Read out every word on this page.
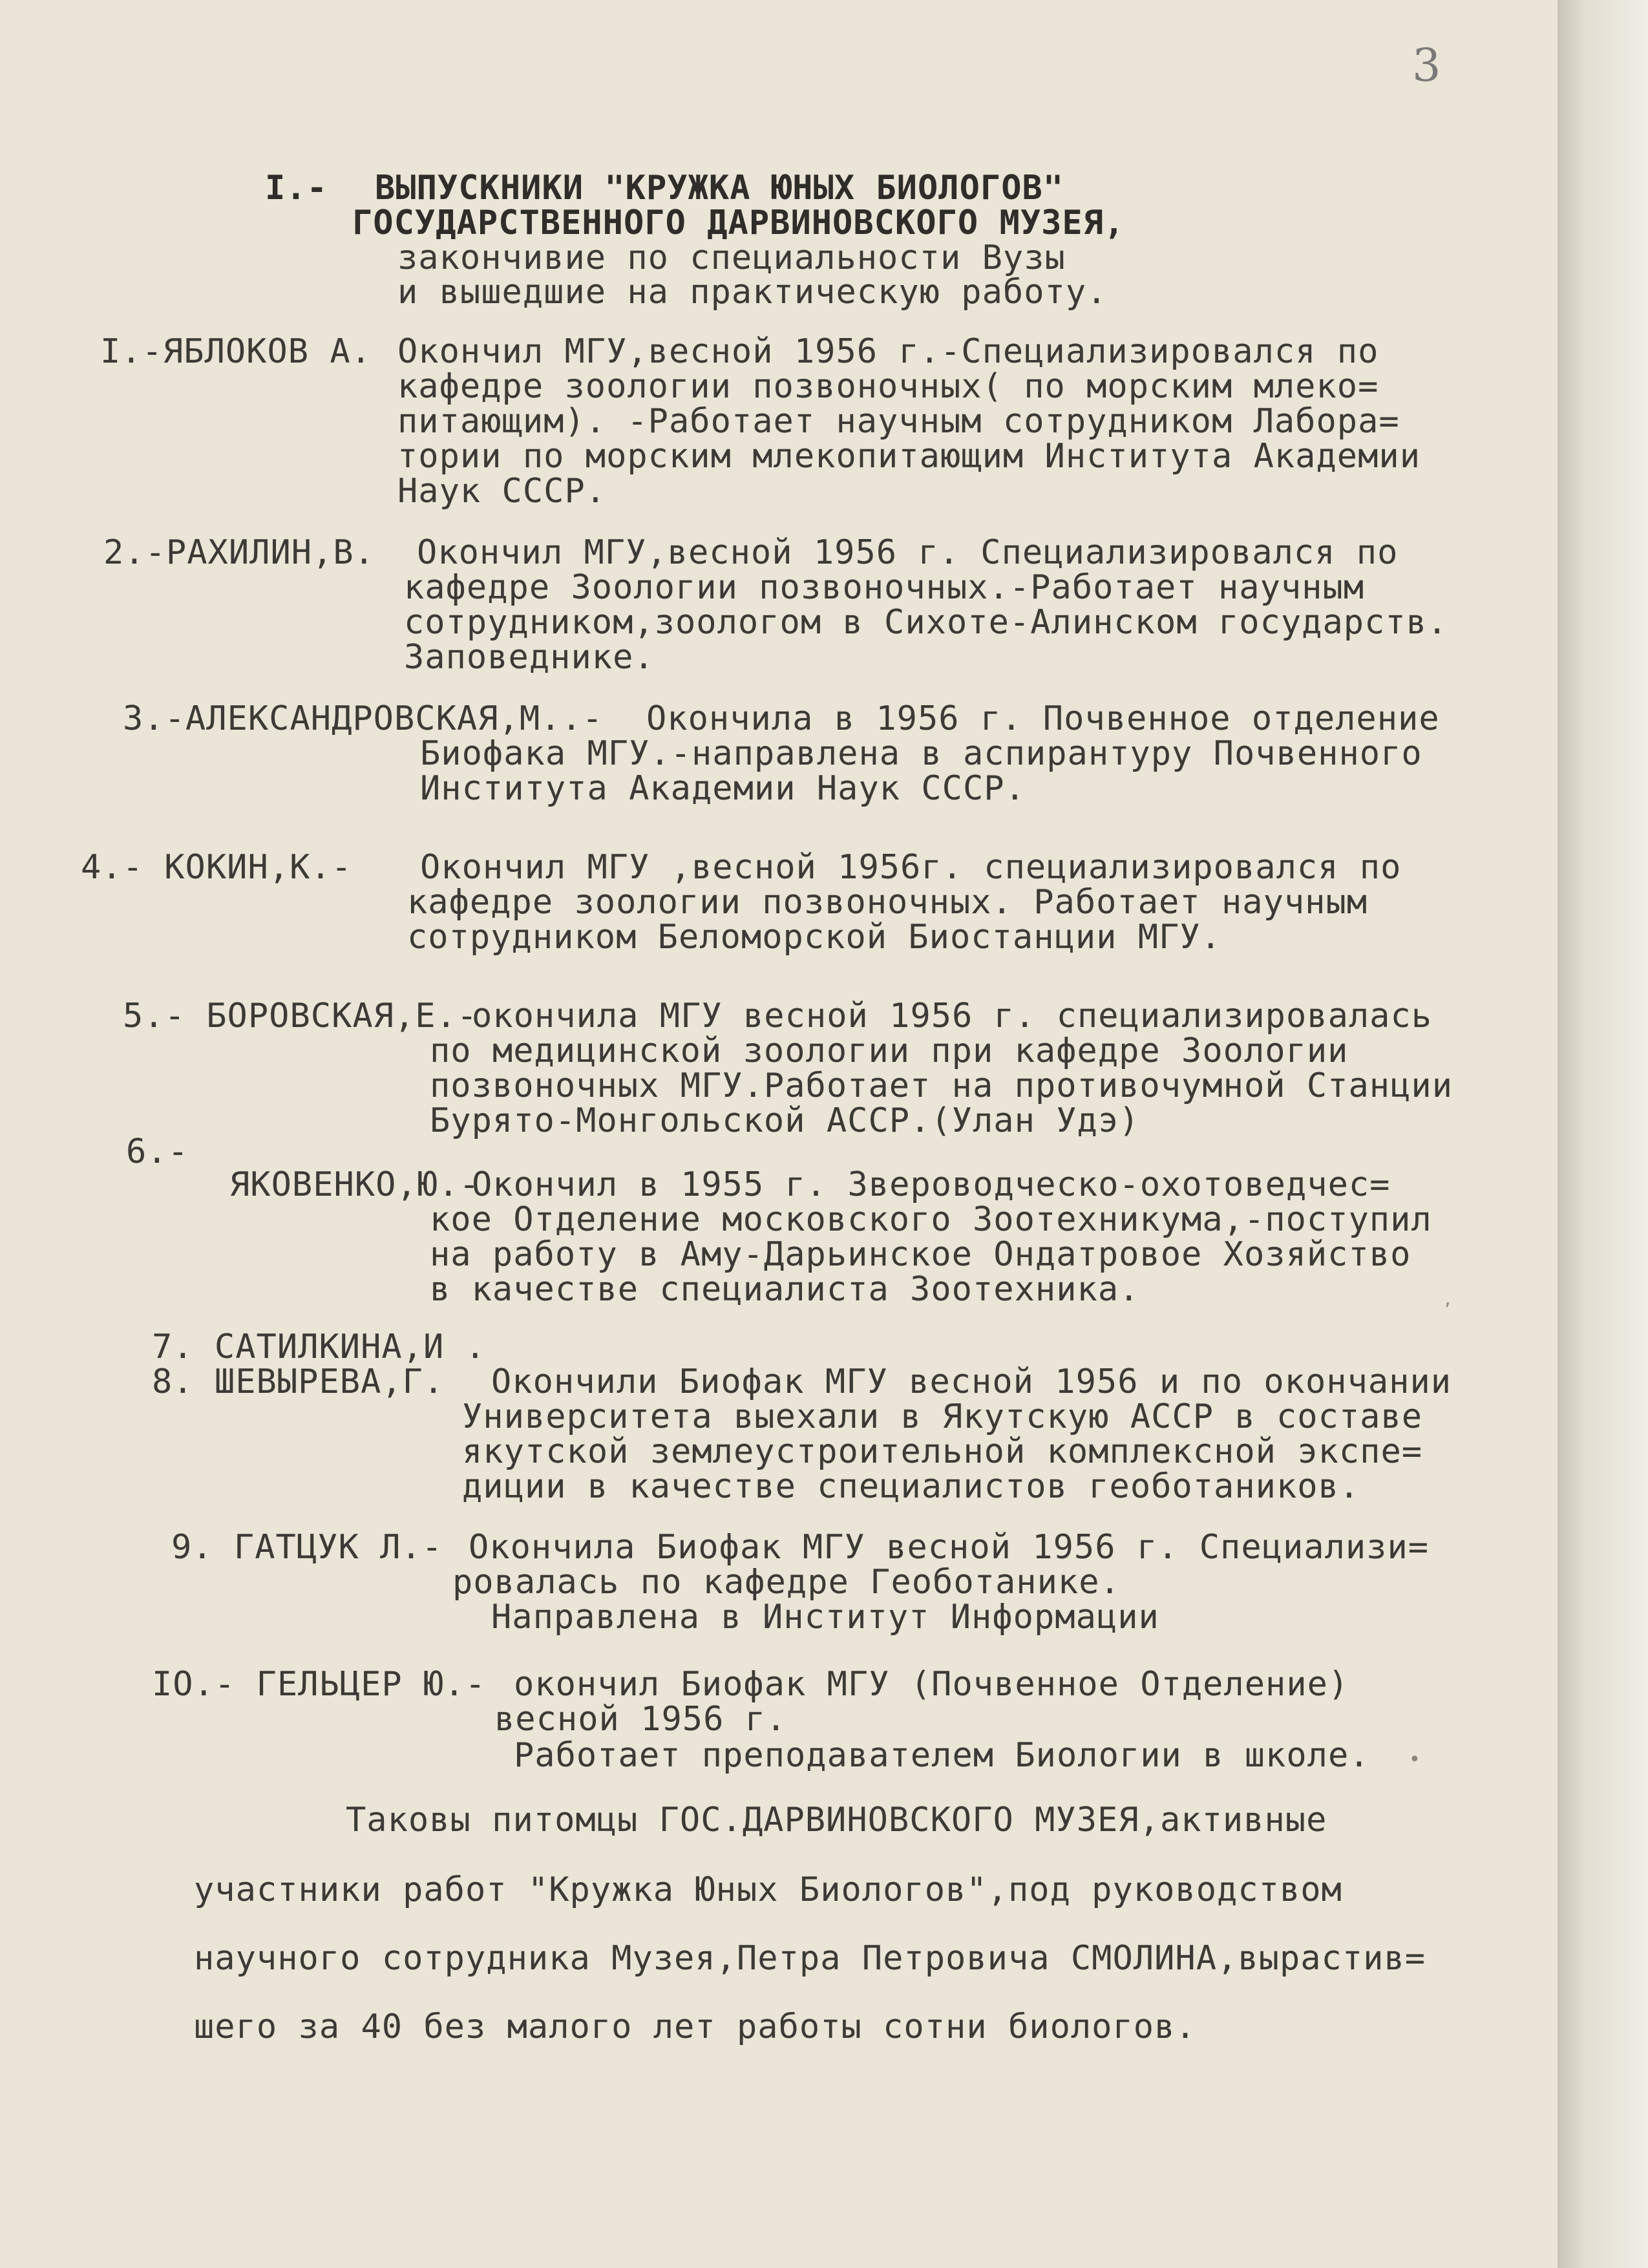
3
I.- ВЫПУСКНИКИ "КРУЖКА ЮНЫХ БИОЛОГОВ"
ГОСУДАРСТВЕННОГО ДАРВИНОВСКОГО МУЗЕЯ,
закончивие по специальности Вузы
и вышедшие на практическую работу.
I.-ЯБЛОКОВ А. Окончил МГУ,весной 1956 г.-Специализировался по
кафедре зоологии позвоночных( по морским млеко=
питающим). -Работает научным сотрудником Лабора=
тории по морским млекопитающим Института Академии
Наук СССР.
2.-РАХИЛИН,В. Окончил МГУ,весной 1956 г. Специализировался по
кафедре Зоологии позвоночных.-Работает научным
сотрудником,зоологом в Сихоте-Алинском государств.
Заповеднике.
3.-АЛЕКСАНДРОВСКАЯ,М..- Окончила в 1956 г. Почвенное отделение
Биофака МГУ.-направлена в аспирантуру Почвенного
Института Академии Наук СССР.
4.- КОКИН,К.- Окончил МГУ ,весной 1956г. специализировался по
кафедре зоологии позвоночных. Работает научным
сотрудником Беломорской Биостанции МГУ.
5.- БОРОВСКАЯ,Е.-
окончила МГУ весной 1956 г. специализировалась
по медицинской зоологии при кафедре Зоологии
позвоночных МГУ.Работает на противочумной Станции
Бурято-Монгольской АССР.(Улан Удэ)
6.-
ЯКОВЕНКО,Ю.-
Окончил в 1955 г. Звероводческо-охотоведчес=
кое Отделение московского Зоотехникума,-поступил
на работу в Аму-Дарьинское Ондатровое Хозяйство
в качестве специалиста Зоотехника.
7. САТИЛКИНА,И .
8. ШЕВЫРЕВА,Г. Окончили Биофак МГУ весной 1956 и по окончании
Университета выехали в Якутскую АССР в составе
якутской землеустроительной комплексной экспе=
диции в качестве специалистов геоботаников.
9. ГАТЦУК Л.- Окончила Биофак МГУ весной 1956 г. Специализи=
ровалась по кафедре Геоботанике.
Направлена в Институт Информации
IO.- ГЕЛЬЦЕР Ю.- окончил Биофак МГУ (Почвенное Отделение)
весной 1956 г.
Работает преподавателем Биологии в школе.
Таковы питомцы ГОС.ДАРВИНОВСКОГО МУЗЕЯ,активные
участники работ "Кружка Юных Биологов",под руководством
научного сотрудника Музея,Петра Петровича СМОЛИНА,вырастив=
шего за 40 без малого лет работы сотни биологов.
ʼ
•
